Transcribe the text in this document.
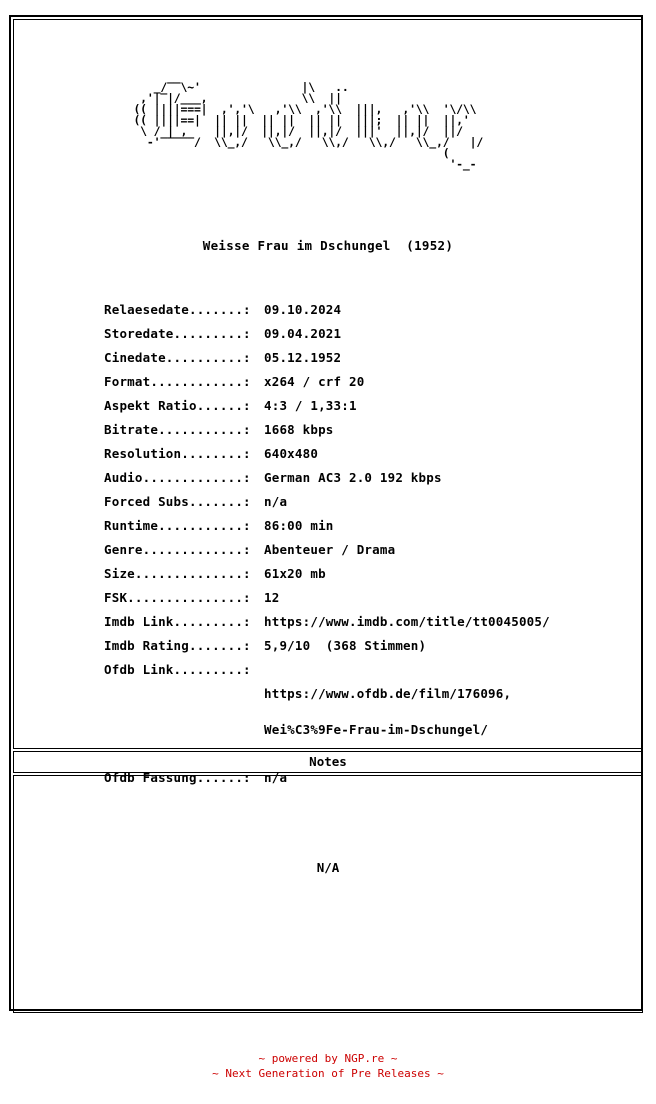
_/‾‾\~'               |\   ..
,'|‾|/___,              \\  ||
(( ||||===|  ,','\   ,'\\  ,'\\  |||,   ,'\\  '\/\\
(( ||||==|  || ||  || ||  || ||  |||;  || ||  ||,'
\ / | ,    ||,|/  ||,|/  ||,|/  |||'  ||,|/  ||/
-'‾‾‾‾‾/  \\_,/   \\_,/   \\,/   \\,/   \\_,/   |/
(
'-_-
Weisse Frau im Dschungel  (1952)
Relaesedate.......:	09.10.2024
Storedate.........:	09.04.2021
Cinedate..........:	05.12.1952
Format............:	x264 / crf 20
Aspekt Ratio......:	4:3 / 1,33:1
Bitrate...........:	1668 kbps
Resolution........:	640x480
Audio.............:	German AC3 2.0 192 kbps
Forced Subs.......:	n/a
Runtime...........:	86:00 min
Genre.............:	Abenteuer / Drama
Size..............:	61x20 mb
FSK...............:	12
Imdb Link.........:	https://www.imdb.com/title/tt0045005/
Imdb Rating.......:	5,9/10  (368 Stimmen)
Ofdb Link.........:

https://www.ofdb.de/film/176096,

Wei%C3%9Fe-Frau-im-Dschungel/

Ofdb Fassung......:	n/a
Notes
N/A
~ powered by NGP.re ~
~ Next Generation of Pre Releases ~
